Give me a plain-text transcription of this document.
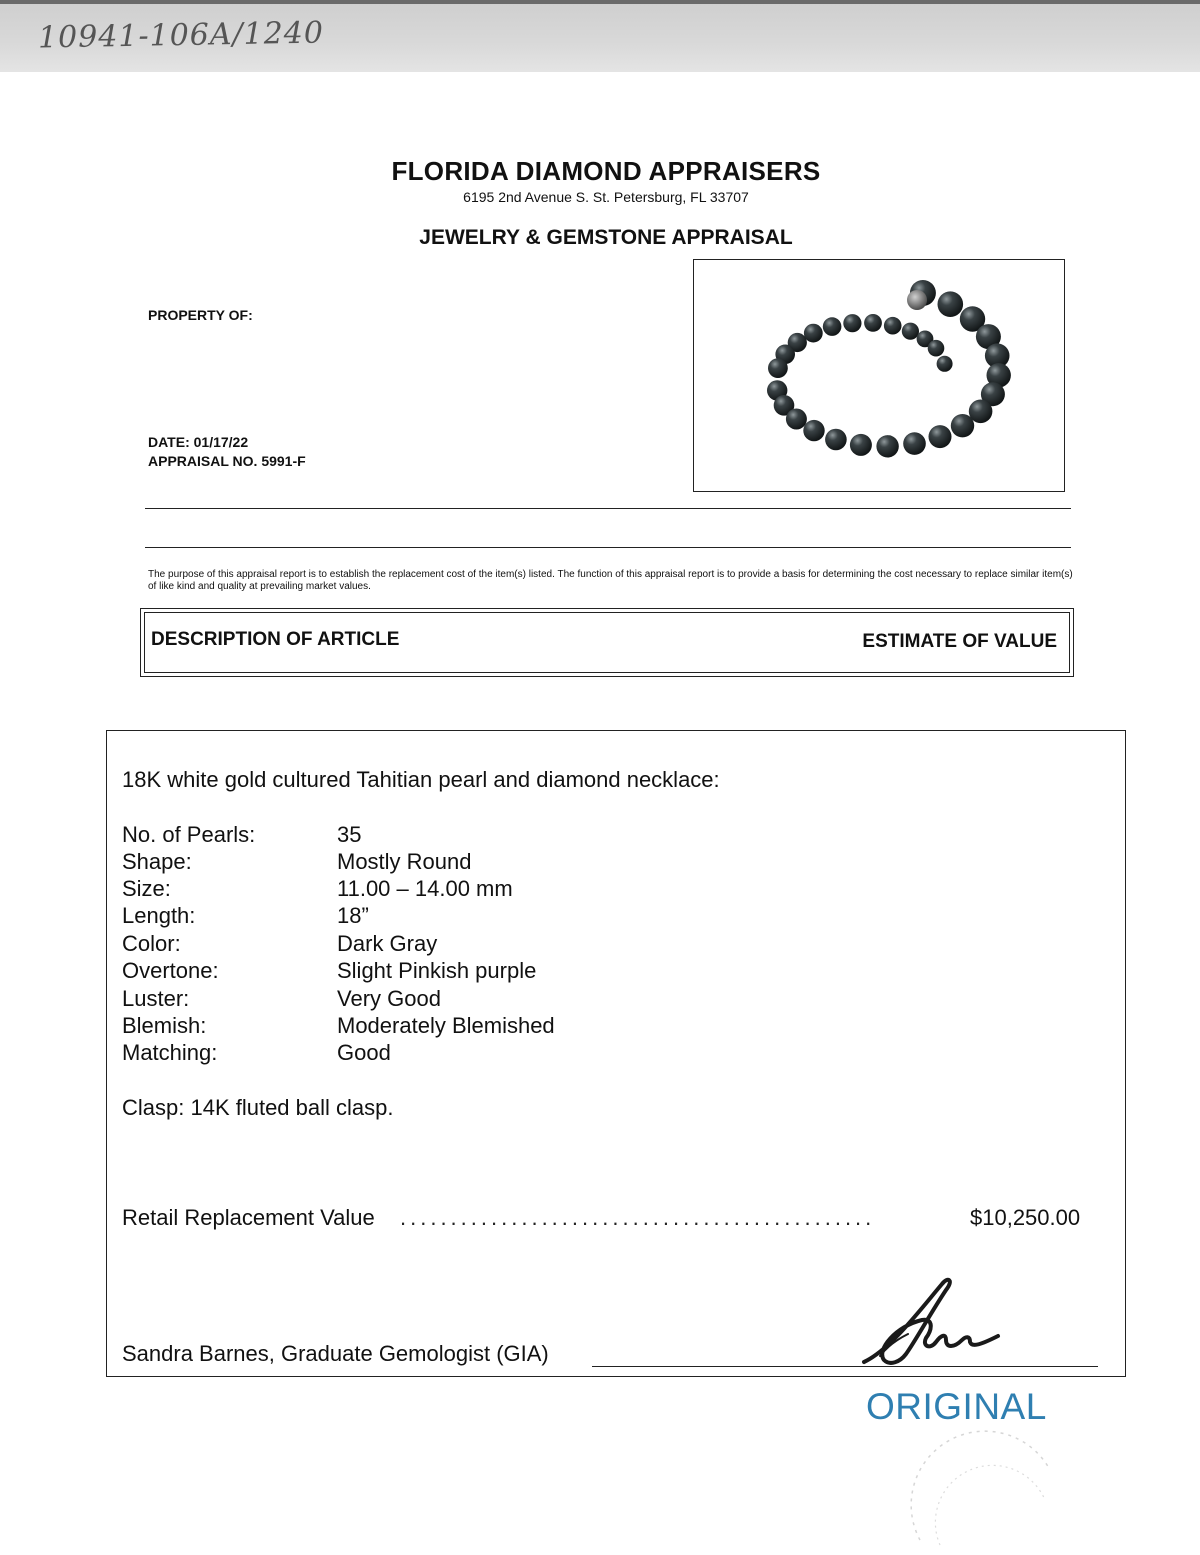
10941-106A/1240
FLORIDA DIAMOND APPRAISERS
6195 2nd Avenue S. St. Petersburg, FL 33707
JEWELRY & GEMSTONE APPRAISAL
PROPERTY OF:
DATE: 01/17/22
APPRAISAL NO. 5991-F
The purpose of this appraisal report is to establish the replacement cost of the item(s) listed. The function of this appraisal report is to provide a basis for determining the cost necessary to replace similar item(s) of like kind and quality at prevailing market values.
DESCRIPTION OF ARTICLE	ESTIMATE OF VALUE
18K white gold cultured Tahitian pearl and diamond necklace:
No. of Pearls:	35
Shape:	Mostly Round
Size:	11.00 – 14.00 mm
Length:	18”
Color:	Dark Gray
Overtone:	Slight Pinkish purple
Luster:	Very Good
Blemish:	Moderately Blemished
Matching:	Good
Clasp: 14K fluted ball clasp.
Retail Replacement Value ...............................................	$10,250.00
Sandra Barnes, Graduate Gemologist (GIA)
ORIGINAL
